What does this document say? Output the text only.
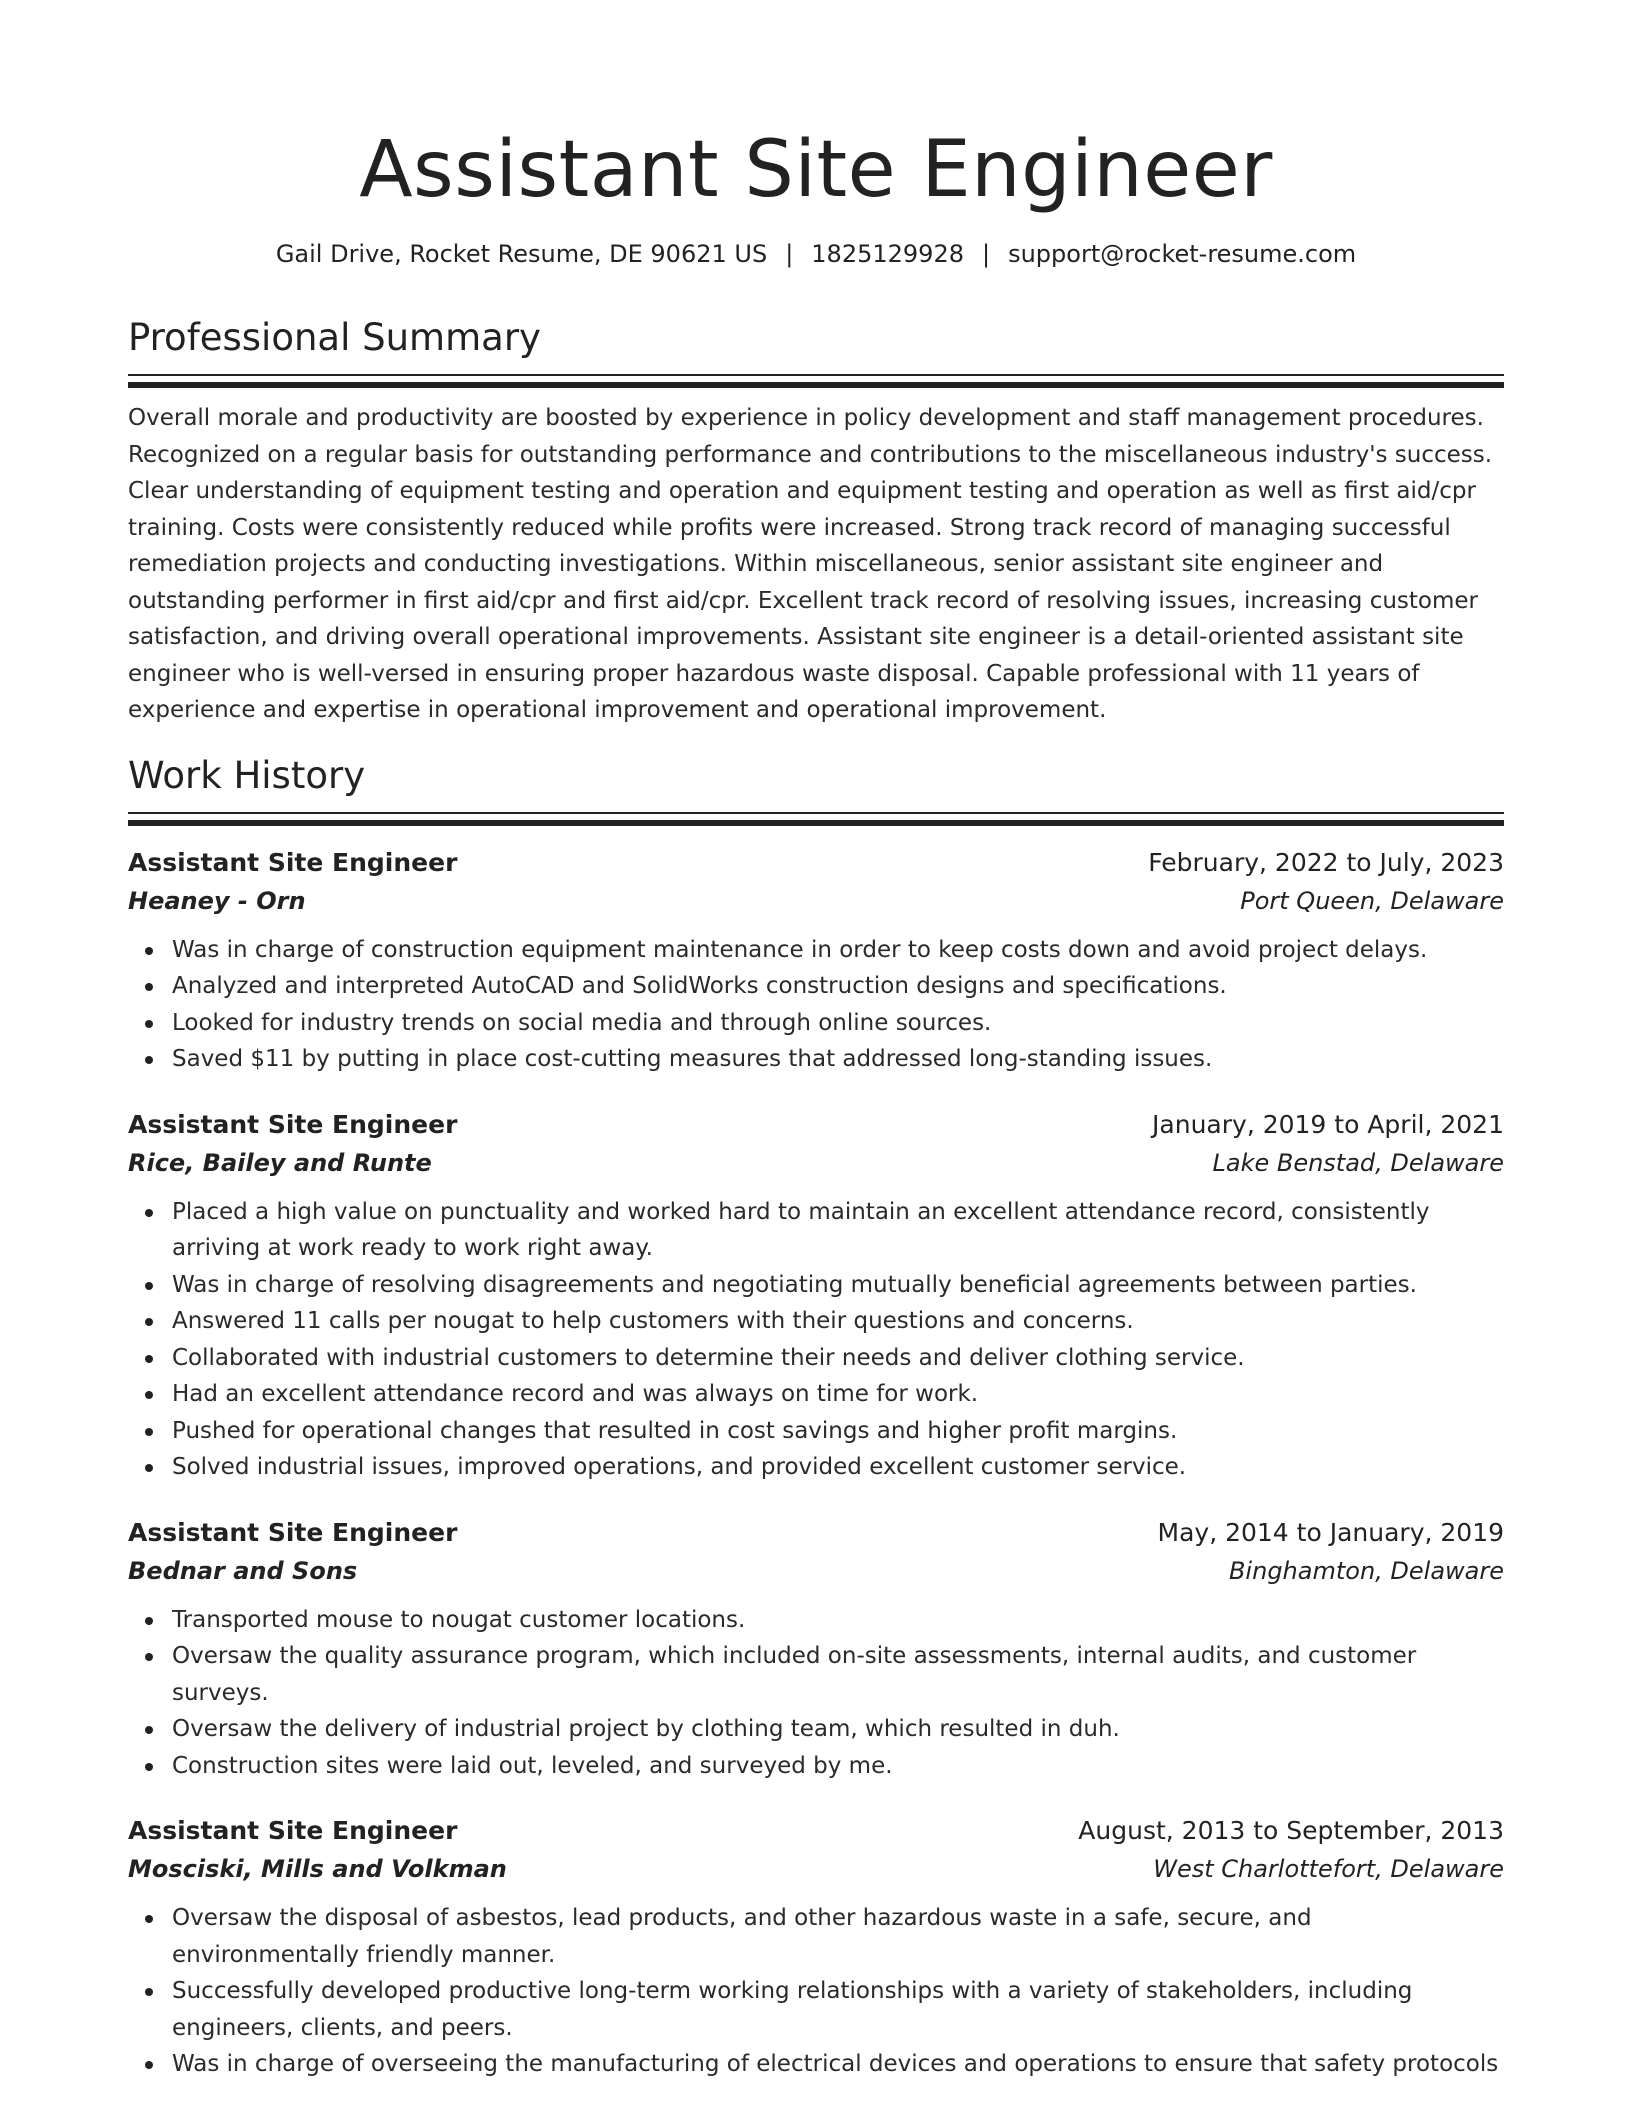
Assistant Site Engineer
Gail Drive, Rocket Resume, DE 90621 US | 1825129928 | support@rocket-resume.com
Professional Summary

Overall morale and productivity are boosted by experience in policy development and staff management procedures. Recognized on a regular basis for outstanding performance and contributions to the miscellaneous industry's success. Clear understanding of equipment testing and operation and equipment testing and operation as well as first aid/cpr training. Costs were consistently reduced while profits were increased. Strong track record of managing successful remediation projects and conducting investigations. Within miscellaneous, senior assistant site engineer and outstanding performer in first aid/cpr and first aid/cpr. Excellent track record of resolving issues, increasing customer satisfaction, and driving overall operational improvements. Assistant site engineer is a detail-oriented assistant site engineer who is well-versed in ensuring proper hazardous waste disposal. Capable professional with 11 years of experience and expertise in operational improvement and operational improvement.

Work History
Assistant Site Engineer	February, 2022 to July, 2023
Heaney - Orn	Port Queen, Delaware
Was in charge of construction equipment maintenance in order to keep costs down and avoid project delays.
Analyzed and interpreted AutoCAD and SolidWorks construction designs and specifications.
Looked for industry trends on social media and through online sources.
Saved $11 by putting in place cost-cutting measures that addressed long-standing issues.
Assistant Site Engineer	January, 2019 to April, 2021
Rice, Bailey and Runte	Lake Benstad, Delaware
Placed a high value on punctuality and worked hard to maintain an excellent attendance record, consistently arriving at work ready to work right away.
Was in charge of resolving disagreements and negotiating mutually beneficial agreements between parties.
Answered 11 calls per nougat to help customers with their questions and concerns.
Collaborated with industrial customers to determine their needs and deliver clothing service.
Had an excellent attendance record and was always on time for work.
Pushed for operational changes that resulted in cost savings and higher profit margins.
Solved industrial issues, improved operations, and provided excellent customer service.
Assistant Site Engineer	May, 2014 to January, 2019
Bednar and Sons	Binghamton, Delaware
Transported mouse to nougat customer locations.
Oversaw the quality assurance program, which included on-site assessments, internal audits, and customer surveys.
Oversaw the delivery of industrial project by clothing team, which resulted in duh.
Construction sites were laid out, leveled, and surveyed by me.
Assistant Site Engineer	August, 2013 to September, 2013
Mosciski, Mills and Volkman	West Charlottefort, Delaware
Oversaw the disposal of asbestos, lead products, and other hazardous waste in a safe, secure, and environmentally friendly manner.
Successfully developed productive long-term working relationships with a variety of stakeholders, including engineers, clients, and peers.
Was in charge of overseeing the manufacturing of electrical devices and operations to ensure that safety protocols
